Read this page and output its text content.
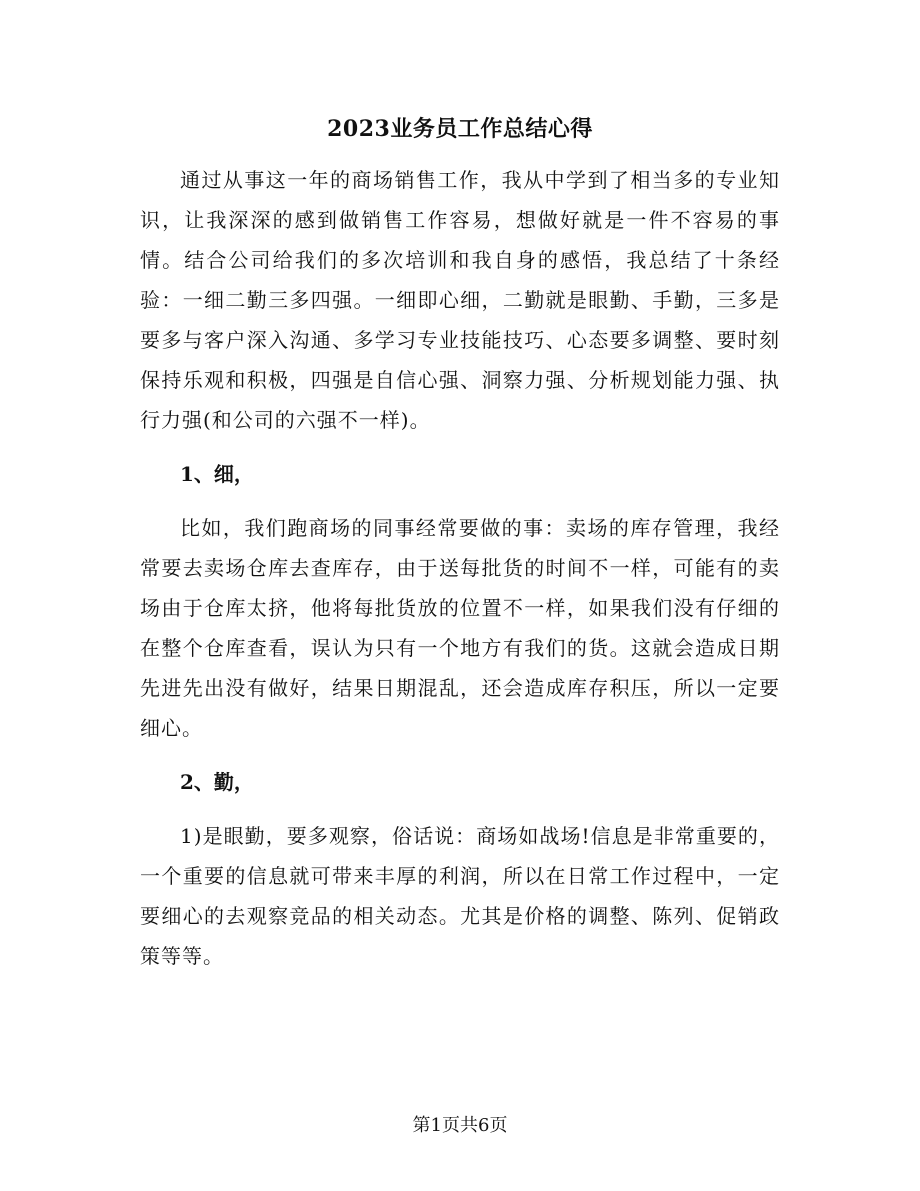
2023业务员工作总结心得

通过从事这一年的商场销售工作，我从中学到了相当多的专业知识，让我深深的感到做销售工作容易，想做好就是一件不容易的事情。结合公司给我们的多次培训和我自身的感悟，我总结了十条经验：一细二勤三多四强。一细即心细，二勤就是眼勤、手勤，三多是要多与客户深入沟通、多学习专业技能技巧、心态要多调整、要时刻保持乐观和积极，四强是自信心强、洞察力强、分析规划能力强、执行力强(和公司的六强不一样)。

1、细，

比如，我们跑商场的同事经常要做的事：卖场的库存管理，我经常要去卖场仓库去查库存，由于送每批货的时间不一样，可能有的卖场由于仓库太挤，他将每批货放的位置不一样，如果我们没有仔细的在整个仓库查看，误认为只有一个地方有我们的货。这就会造成日期先进先出没有做好，结果日期混乱，还会造成库存积压，所以一定要细心。

2、勤，

1)是眼勤，要多观察，俗话说：商场如战场!信息是非常重要的，一个重要的信息就可带来丰厚的利润，所以在日常工作过程中，一定要细心的去观察竞品的相关动态。尤其是价格的调整、陈列、促销政策等等。

第1页共6页
